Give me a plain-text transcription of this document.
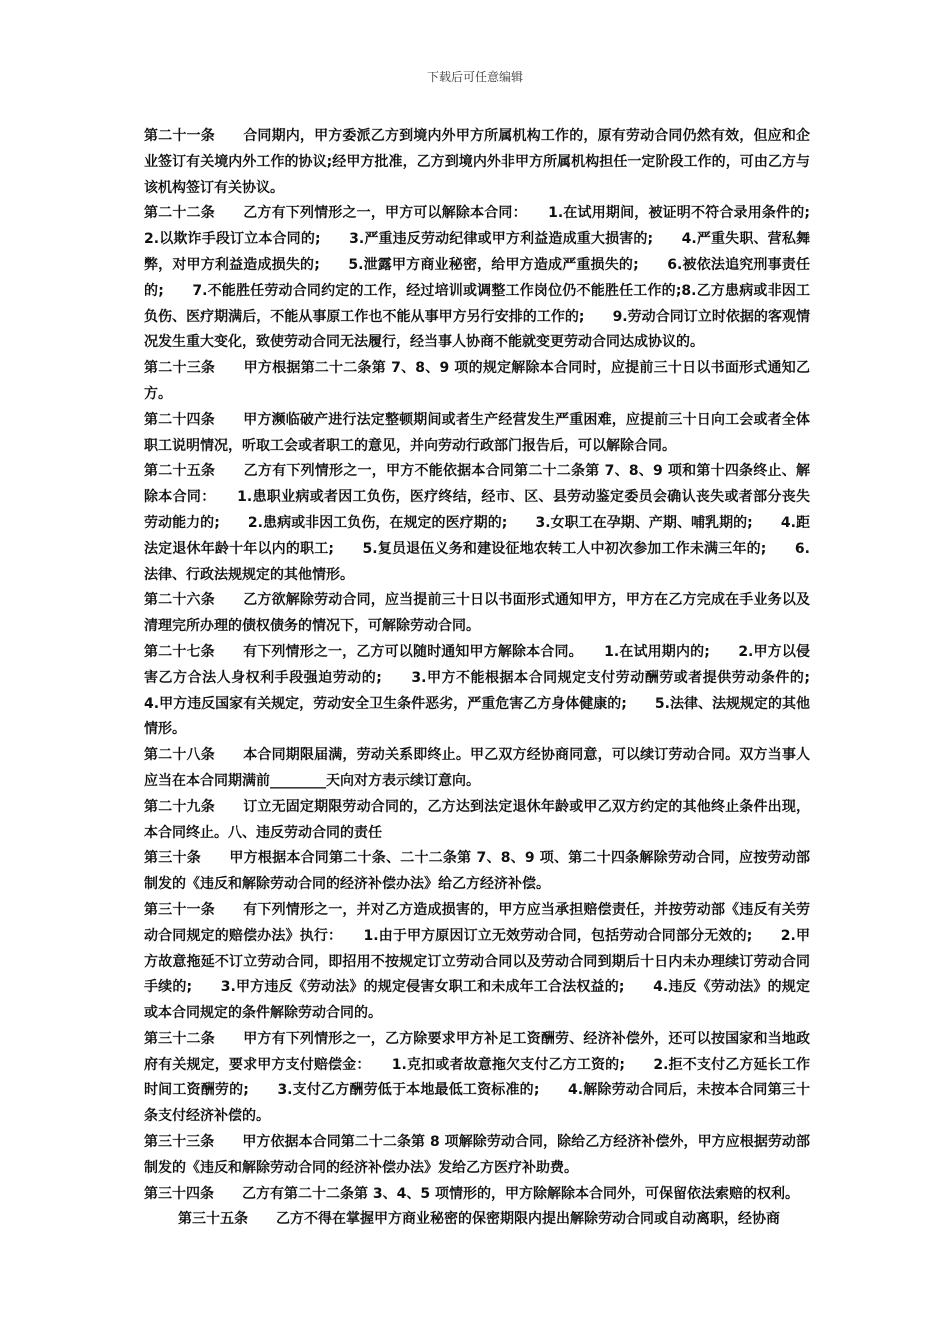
下载后可任意编辑

第二十一条　　合同期内，甲方委派乙方到境内外甲方所属机构工作的，原有劳动合同仍然有效，但应和企业签订有关境内外工作的协议;经甲方批准，乙方到境内外非甲方所属机构担任一定阶段工作的，可由乙方与该机构签订有关协议。

第二十二条　　乙方有下列情形之一，甲方可以解除本合同：　　1.在试用期间，被证明不符合录用条件的;　　2.以欺诈手段订立本合同的;　　3.严重违反劳动纪律或甲方利益造成重大损害的;　　4.严重失职、营私舞弊，对甲方利益造成损失的;　　5.泄露甲方商业秘密，给甲方造成严重损失的;　　6.被依法追究刑事责任的;　　7.不能胜任劳动合同约定的工作，经过培训或调整工作岗位仍不能胜任工作的;8.乙方患病或非因工负伤、医疗期满后，不能从事原工作也不能从事甲方另行安排的工作的;　　9.劳动合同订立时依据的客观情况发生重大变化，致使劳动合同无法履行，经当事人协商不能就变更劳动合同达成协议的。

第二十三条　　甲方根据第二十二条第 7、8、9 项的规定解除本合同时，应提前三十日以书面形式通知乙方。

第二十四条　　甲方濒临破产进行法定整顿期间或者生产经营发生严重困难，应提前三十日向工会或者全体职工说明情况，听取工会或者职工的意见，并向劳动行政部门报告后，可以解除合同。

第二十五条　　乙方有下列情形之一，甲方不能依据本合同第二十二条第 7、8、9 项和第十四条终止、解除本合同：　　1.患职业病或者因工负伤，医疗终结，经市、区、县劳动鉴定委员会确认丧失或者部分丧失劳动能力的;　　2.患病或非因工负伤，在规定的医疗期的;　　3.女职工在孕期、产期、哺乳期的;　　4.距法定退休年龄十年以内的职工;　　5.复员退伍义务和建设征地农转工人中初次参加工作未满三年的;　　6.法律、行政法规规定的其他情形。

第二十六条　　乙方欲解除劳动合同，应当提前三十日以书面形式通知甲方，甲方在乙方完成在手业务以及清理完所办理的债权债务的情况下，可解除劳动合同。

第二十七条　　有下列情形之一，乙方可以随时通知甲方解除本合同。　　1.在试用期内的;　　2.甲方以侵害乙方合法人身权利手段强迫劳动的;　　3.甲方不能根据本合同规定支付劳动酬劳或者提供劳动条件的;　　4.甲方违反国家有关规定，劳动安全卫生条件恶劣，严重危害乙方身体健康的;　　5.法律、法规规定的其他情形。

第二十八条　　本合同期限届满，劳动关系即终止。甲乙双方经协商同意，可以续订劳动合同。双方当事人应当在本合同期满前________天向对方表示续订意向。

第二十九条　　订立无固定期限劳动合同的，乙方达到法定退休年龄或甲乙双方约定的其他终止条件出现，本合同终止。八、违反劳动合同的责任

第三十条　　甲方根据本合同第二十条、二十二条第 7、8、9 项、第二十四条解除劳动合同，应按劳动部制发的《违反和解除劳动合同的经济补偿办法》给乙方经济补偿。

第三十一条　　有下列情形之一，并对乙方造成损害的，甲方应当承担赔偿责任，并按劳动部《违反有关劳动合同规定的赔偿办法》执行：　　1.由于甲方原因订立无效劳动合同，包括劳动合同部分无效的;　　2.甲方故意拖延不订立劳动合同，即招用不按规定订立劳动合同以及劳动合同到期后十日内未办理续订劳动合同手续的;　　3.甲方违反《劳动法》的规定侵害女职工和未成年工合法权益的;　　4.违反《劳动法》的规定或本合同规定的条件解除劳动合同的。

第三十二条　　甲方有下列情形之一，乙方除要求甲方补足工资酬劳、经济补偿外，还可以按国家和当地政府有关规定，要求甲方支付赔偿金：　　1.克扣或者故意拖欠支付乙方工资的;　　2.拒不支付乙方延长工作时间工资酬劳的;　　3.支付乙方酬劳低于本地最低工资标准的;　　4.解除劳动合同后，未按本合同第三十条支付经济补偿的。

第三十三条　　甲方依据本合同第二十二条第 8 项解除劳动合同，除给乙方经济补偿外，甲方应根据劳动部制发的《违反和解除劳动合同的经济补偿办法》发给乙方医疗补助费。

第三十四条　　乙方有第二十二条第 3、4、5 项情形的，甲方除解除本合同外，可保留依法索赔的权利。

第三十五条　　乙方不得在掌握甲方商业秘密的保密期限内提出解除劳动合同或自动离职，经协商
